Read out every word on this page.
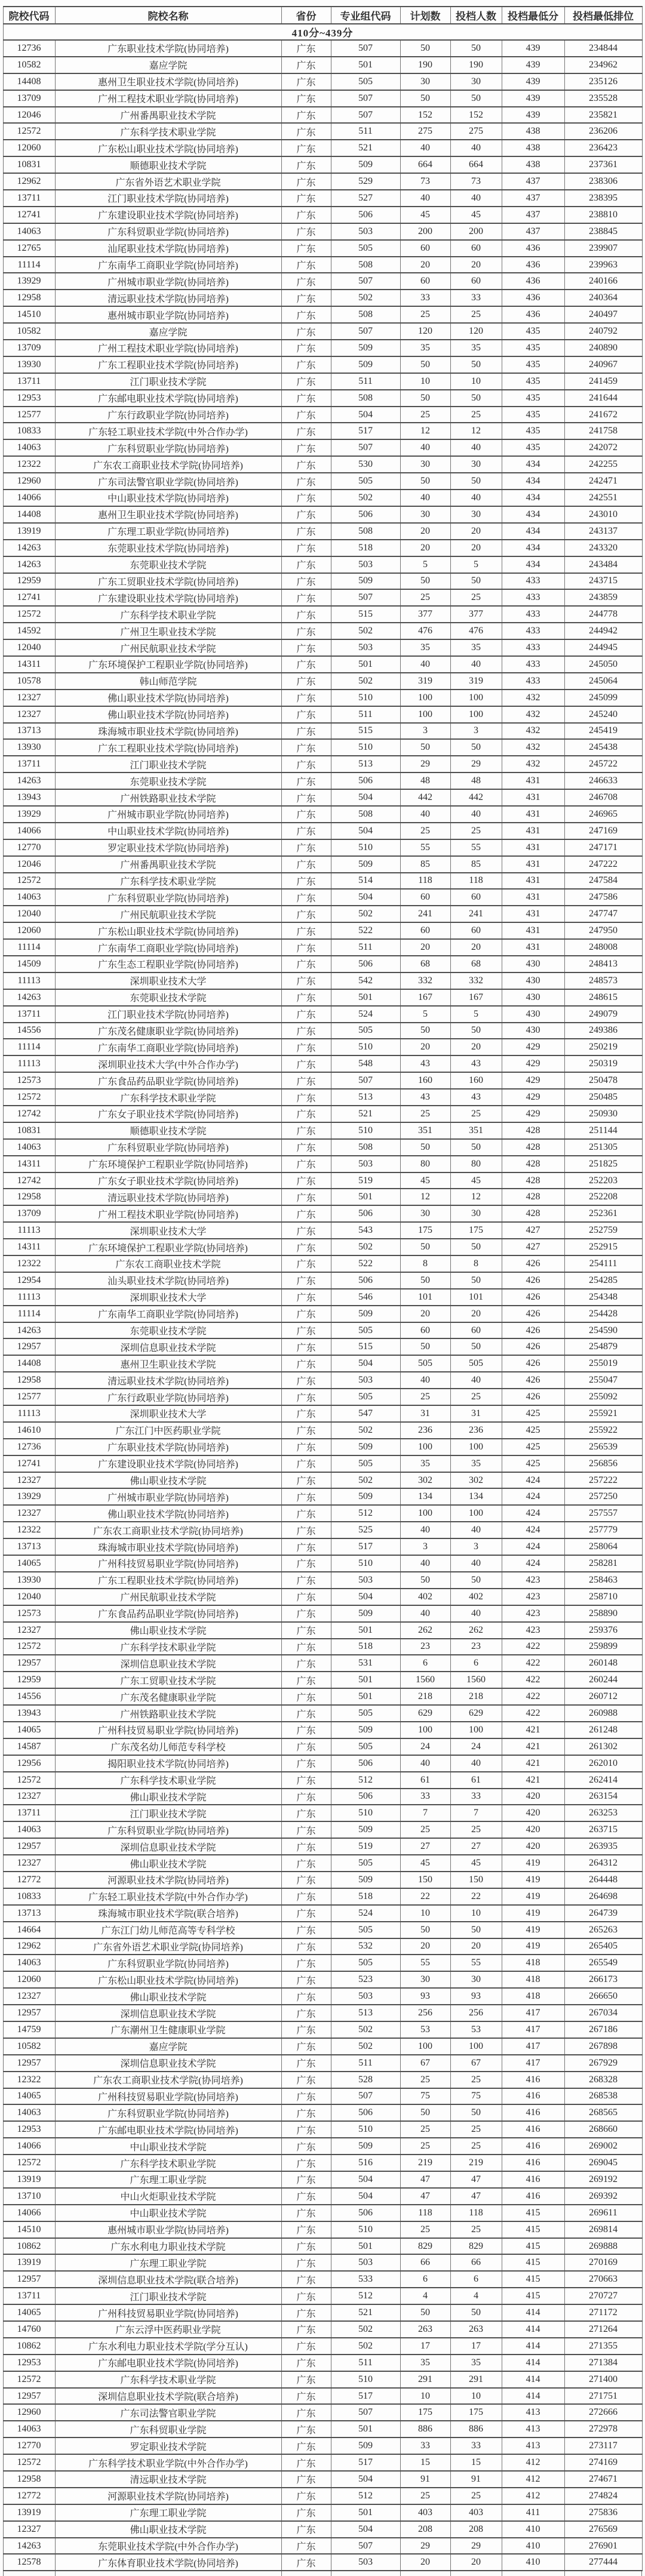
院校代码	院校名称	省份	专业组代码	计划数	投档人数	投档最低分	投档最低排位
410分~439分							
12736	广东职业技术学院(协同培养)	广东	507	50	50	439	234844
10582	嘉应学院	广东	501	190	190	439	234962
14408	惠州卫生职业技术学院(协同培养)	广东	505	30	30	439	235126
13709	广州工程技术职业学院(协同培养)	广东	507	50	50	439	235528
12046	广州番禺职业技术学院	广东	507	152	152	439	235821
12572	广东科学技术职业学院	广东	511	275	275	438	236206
12060	广东松山职业技术学院(协同培养)	广东	521	40	40	438	236423
10831	顺德职业技术学院	广东	509	664	664	438	237361
12962	广东省外语艺术职业学院	广东	529	73	73	437	238306
13711	江门职业技术学院(协同培养)	广东	527	40	40	437	238395
12741	广东建设职业技术学院(协同培养)	广东	506	45	45	437	238810
14063	广东科贸职业学院(协同培养)	广东	503	200	200	437	238845
12765	汕尾职业技术学院(协同培养)	广东	505	60	60	436	239907
11114	广东南华工商职业学院(协同培养)	广东	508	20	20	436	239963
13929	广州城市职业学院(协同培养)	广东	507	60	60	436	240166
12958	清远职业技术学院(协同培养)	广东	502	33	33	436	240364
14510	惠州城市职业学院(协同培养)	广东	508	25	25	436	240497
10582	嘉应学院	广东	507	120	120	435	240792
13709	广州工程技术职业学院(协同培养)	广东	509	35	35	435	240890
13930	广东工程职业技术学院(协同培养)	广东	509	50	50	435	240967
13711	江门职业技术学院	广东	511	10	10	435	241459
12953	广东邮电职业技术学院(协同培养)	广东	508	50	50	435	241644
12577	广东行政职业学院(协同培养)	广东	504	25	25	435	241672
10833	广东轻工职业技术学院(中外合作办学)	广东	517	12	12	435	241758
14063	广东科贸职业学院(协同培养)	广东	507	40	40	435	242072
12322	广东农工商职业技术学院(协同培养)	广东	530	30	30	434	242255
12960	广东司法警官职业学院(协同培养)	广东	505	50	50	434	242471
14066	中山职业技术学院(协同培养)	广东	502	40	40	434	242551
14408	惠州卫生职业技术学院(协同培养)	广东	506	30	30	434	243010
13919	广东理工职业学院(协同培养)	广东	508	20	20	434	243137
14263	东莞职业技术学院(协同培养)	广东	518	20	20	434	243320
14263	东莞职业技术学院	广东	503	5	5	434	243484
12959	广东工贸职业技术学院(协同培养)	广东	509	50	50	433	243715
12741	广东建设职业技术学院(协同培养)	广东	507	25	25	433	243859
12572	广东科学技术职业学院	广东	515	377	377	433	244778
14592	广州卫生职业技术学院	广东	502	476	476	433	244942
12040	广州民航职业技术学院	广东	503	35	35	433	244945
14311	广东环境保护工程职业学院(协同培养)	广东	501	40	40	433	245050
10578	韩山师范学院	广东	502	319	319	433	245064
12327	佛山职业技术学院(协同培养)	广东	510	100	100	432	245099
12327	佛山职业技术学院(协同培养)	广东	511	100	100	432	245240
13713	珠海城市职业技术学院(协同培养)	广东	515	3	3	432	245419
13930	广东工程职业技术学院(协同培养)	广东	510	50	50	432	245438
13711	江门职业技术学院	广东	513	29	29	432	245722
14263	东莞职业技术学院	广东	506	48	48	431	246633
13943	广州铁路职业技术学院	广东	504	442	442	431	246708
13929	广州城市职业学院(协同培养)	广东	508	40	40	431	246965
14066	中山职业技术学院(协同培养)	广东	504	25	25	431	247169
12770	罗定职业技术学院(协同培养)	广东	510	55	55	431	247171
12046	广州番禺职业技术学院	广东	509	85	85	431	247222
12572	广东科学技术职业学院	广东	514	118	118	431	247584
14063	广东科贸职业学院(协同培养)	广东	504	60	60	431	247586
12040	广州民航职业技术学院	广东	502	241	241	431	247747
12060	广东松山职业技术学院(协同培养)	广东	522	60	60	431	247950
11114	广东南华工商职业学院(协同培养)	广东	511	20	20	431	248008
14509	广东生态工程职业学院(协同培养)	广东	506	68	68	430	248413
11113	深圳职业技术大学	广东	542	332	332	430	248573
14263	东莞职业技术学院	广东	501	167	167	430	248615
13711	江门职业技术学院(协同培养)	广东	524	5	5	430	249079
14556	广东茂名健康职业学院(协同培养)	广东	505	50	50	430	249386
11114	广东南华工商职业学院(协同培养)	广东	510	20	20	429	250219
11113	深圳职业技术大学(中外合作办学)	广东	548	43	43	429	250319
12573	广东食品药品职业学院(协同培养)	广东	507	160	160	429	250478
12572	广东科学技术职业学院	广东	513	43	43	429	250485
12742	广东女子职业技术学院(协同培养)	广东	521	25	25	429	250930
10831	顺德职业技术学院	广东	510	351	351	428	251144
14063	广东科贸职业学院(协同培养)	广东	508	50	50	428	251305
14311	广东环境保护工程职业学院(协同培养)	广东	503	80	80	428	251825
12742	广东女子职业技术学院(协同培养)	广东	519	45	45	428	252203
12958	清远职业技术学院(协同培养)	广东	501	12	12	428	252208
13709	广州工程技术职业学院(协同培养)	广东	506	30	30	428	252361
11113	深圳职业技术大学	广东	543	175	175	427	252759
14311	广东环境保护工程职业学院(协同培养)	广东	502	50	50	427	252915
12322	广东农工商职业技术学院	广东	522	8	8	426	254111
12954	汕头职业技术学院(协同培养)	广东	506	50	50	426	254285
11113	深圳职业技术大学	广东	546	101	101	426	254348
11114	广东南华工商职业学院(协同培养)	广东	509	20	20	426	254428
14263	东莞职业技术学院	广东	505	60	60	426	254590
12957	深圳信息职业技术学院	广东	515	50	50	426	254879
14408	惠州卫生职业技术学院	广东	504	505	505	426	255019
12958	清远职业技术学院(协同培养)	广东	503	40	40	426	255047
12577	广东行政职业学院(协同培养)	广东	505	25	25	426	255092
11113	深圳职业技术大学	广东	547	31	31	425	255921
14610	广东江门中医药职业学院	广东	502	236	236	425	255922
12736	广东职业技术学院(协同培养)	广东	509	100	100	425	256539
12741	广东建设职业技术学院(协同培养)	广东	505	35	35	425	256856
12327	佛山职业技术学院	广东	502	302	302	424	257222
13929	广州城市职业学院(协同培养)	广东	509	134	134	424	257250
12327	佛山职业技术学院(协同培养)	广东	512	100	100	424	257557
12322	广东农工商职业技术学院(协同培养)	广东	525	40	40	424	257779
13713	珠海城市职业技术学院(协同培养)	广东	517	3	3	424	258064
14065	广州科技贸易职业学院(协同培养)	广东	510	40	40	424	258281
13930	广东工程职业技术学院(协同培养)	广东	503	50	50	423	258463
12040	广州民航职业技术学院	广东	504	402	402	423	258710
12573	广东食品药品职业学院(协同培养)	广东	509	40	40	423	258890
12327	佛山职业技术学院	广东	501	262	262	423	259376
12572	广东科学技术职业学院	广东	518	23	23	422	259899
12957	深圳信息职业技术学院	广东	531	6	6	422	260148
12959	广东工贸职业技术学院	广东	501	1560	1560	422	260244
14556	广东茂名健康职业学院	广东	501	218	218	422	260712
13943	广州铁路职业技术学院	广东	505	629	629	422	260988
14065	广州科技贸易职业学院(协同培养)	广东	509	100	100	421	261248
14587	广东茂名幼儿师范专科学校	广东	505	24	24	421	261302
12956	揭阳职业技术学院(协同培养)	广东	506	40	40	421	262010
12572	广东科学技术职业学院	广东	512	61	61	421	262414
12327	佛山职业技术学院	广东	506	33	33	420	263154
13711	江门职业技术学院	广东	510	7	7	420	263253
14063	广东科贸职业学院(协同培养)	广东	509	25	25	420	263715
12957	深圳信息职业技术学院	广东	519	27	27	420	263935
12327	佛山职业技术学院	广东	505	45	45	419	264312
12772	河源职业技术学院(协同培养)	广东	509	150	150	419	264448
10833	广东轻工职业技术学院(中外合作办学)	广东	518	22	22	419	264698
13713	珠海城市职业技术学院(联合培养)	广东	524	10	10	419	264739
14664	广东江门幼儿师范高等专科学校	广东	505	50	50	419	265263
12962	广东省外语艺术职业学院(协同培养)	广东	532	20	20	419	265405
14063	广东科贸职业学院(协同培养)	广东	505	55	55	418	265549
12060	广东松山职业技术学院(协同培养)	广东	523	30	30	418	266173
12327	佛山职业技术学院	广东	503	93	93	418	266650
12957	深圳信息职业技术学院	广东	513	256	256	417	267034
14759	广东潮州卫生健康职业学院	广东	502	53	53	417	267186
10582	嘉应学院	广东	502	100	100	417	267898
12957	深圳信息职业技术学院	广东	511	67	67	417	267929
12322	广东农工商职业技术学院(协同培养)	广东	528	25	25	416	268328
14065	广州科技贸易职业学院(协同培养)	广东	507	75	75	416	268538
14063	广东科贸职业学院(协同培养)	广东	506	50	50	416	268565
12953	广东邮电职业技术学院(协同培养)	广东	510	25	25	416	268660
14066	中山职业技术学院	广东	509	25	25	416	269002
12572	广东科学技术职业学院	广东	516	219	219	416	269045
13919	广东理工职业学院	广东	504	47	47	416	269192
13710	中山火炬职业技术学院	广东	504	47	47	416	269392
14066	中山职业技术学院	广东	506	118	118	415	269611
14510	惠州城市职业学院(协同培养)	广东	510	25	25	415	269814
10862	广东水利电力职业技术学院	广东	501	829	829	415	269888
13919	广东理工职业学院	广东	503	66	66	415	270169
12957	深圳信息职业技术学院(联合培养)	广东	533	6	6	415	270663
13711	江门职业技术学院	广东	512	4	4	415	270727
14065	广州科技贸易职业学院(协同培养)	广东	521	50	50	414	271172
14760	广东云浮中医药职业学院	广东	502	263	263	414	271264
10862	广东水利电力职业技术学院(学分互认)	广东	502	17	17	414	271355
12953	广东邮电职业技术学院(协同培养)	广东	511	35	35	414	271384
12572	广东科学技术职业学院	广东	510	291	291	414	271400
12957	深圳信息职业技术学院(联合培养)	广东	517	10	10	414	271751
12960	广东司法警官职业学院	广东	507	175	175	413	272666
14063	广东科贸职业学院	广东	501	886	886	413	272978
12770	罗定职业技术学院	广东	509	33	33	413	273117
12572	广东科学技术职业学院(中外合作办学)	广东	517	15	15	412	274169
12958	清远职业技术学院	广东	504	91	91	412	274671
12772	河源职业技术学院(协同培养)	广东	512	25	25	412	274824
13919	广东理工职业学院	广东	501	403	403	411	275836
12327	佛山职业技术学院	广东	504	208	208	410	276569
14263	东莞职业技术学院(中外合作办学)	广东	507	29	29	410	276901
12578	广东体育职业技术学院(协同培养)	广东	503	20	20	410	277444
